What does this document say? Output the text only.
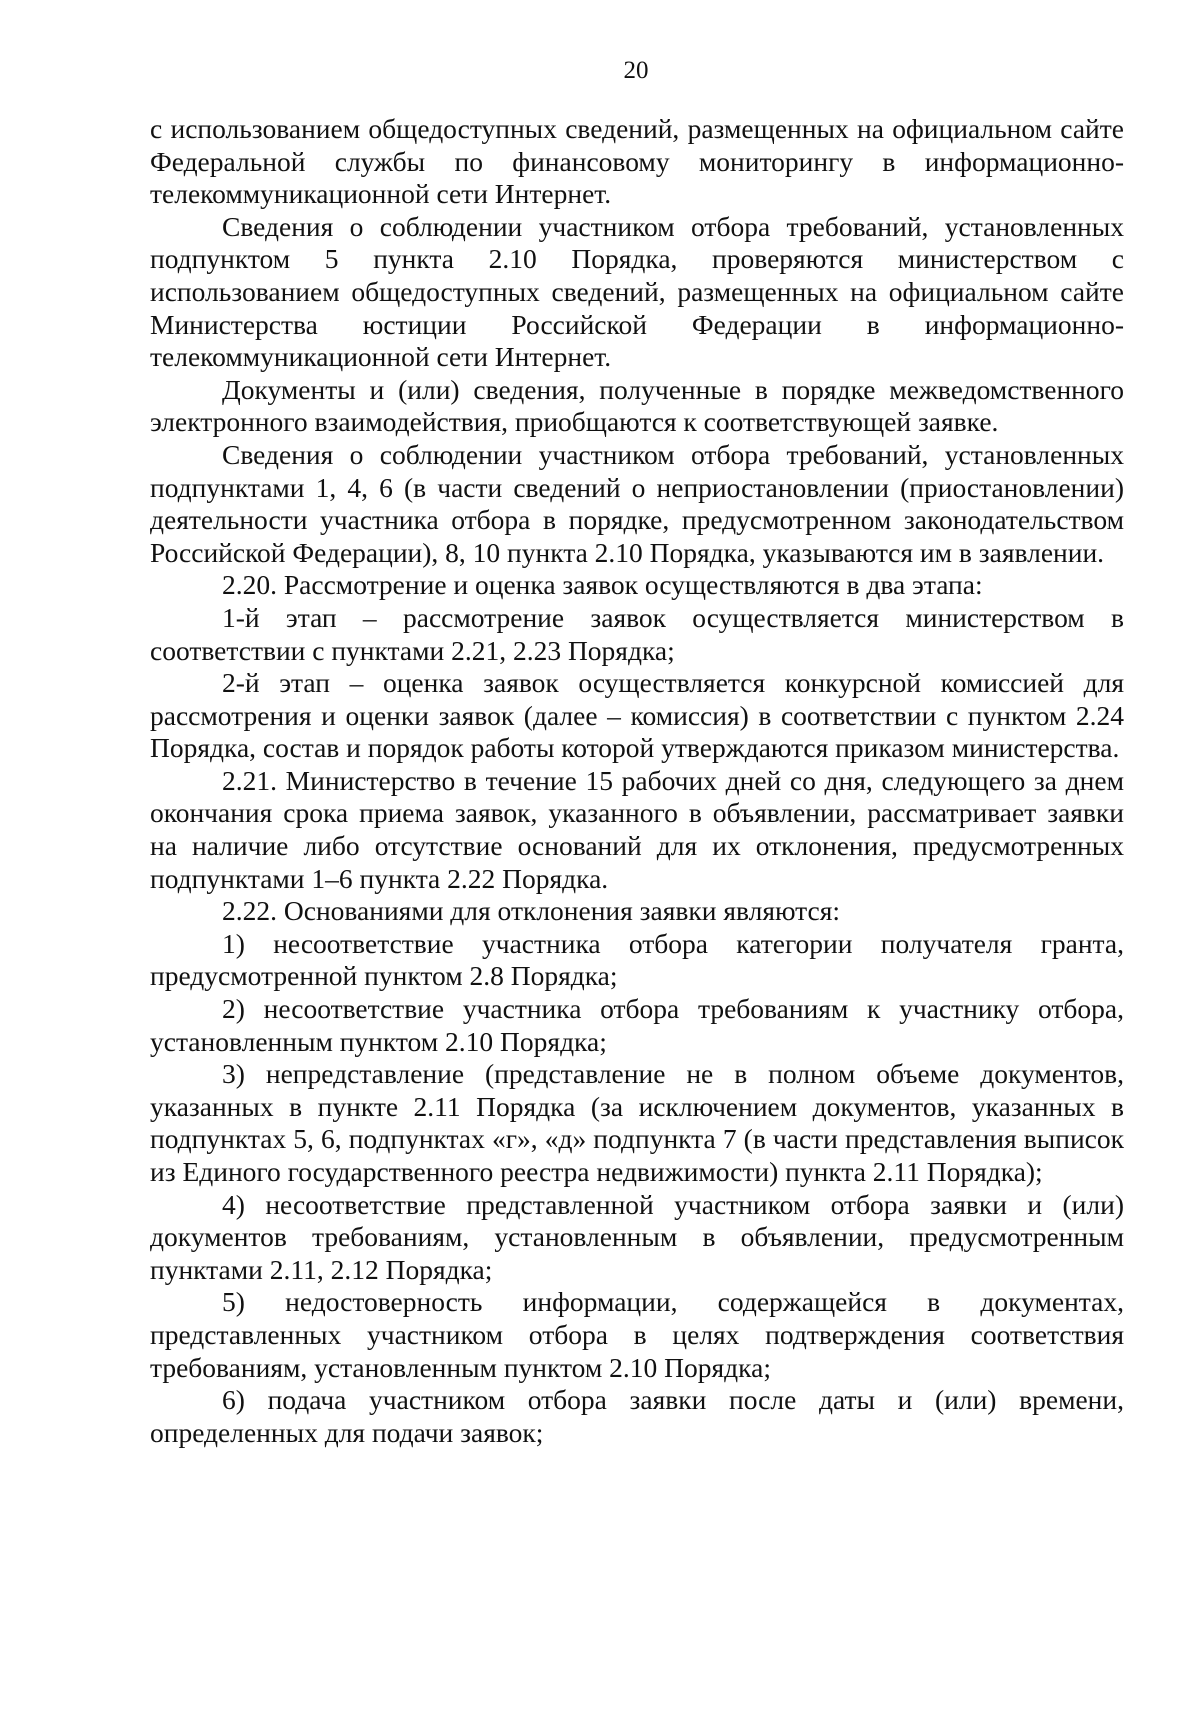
20

с использованием общедоступных сведений, размещенных на официальном сайте Федеральной службы по финансовому мониторингу в информационно-телекоммуникационной сети Интернет.

Сведения о соблюдении участником отбора требований, установленных подпунктом 5 пункта 2.10 Порядка, проверяются министерством с использованием общедоступных сведений, размещенных на официальном сайте Министерства юстиции Российской Федерации в информационно-телекоммуникационной сети Интернет.

Документы и (или) сведения, полученные в порядке межведомственного электронного взаимодействия, приобщаются к соответствующей заявке.

Сведения о соблюдении участником отбора требований, установленных подпунктами 1, 4, 6 (в части сведений о неприостановлении (приостановлении) деятельности участника отбора в порядке, предусмотренном законодательством Российской Федерации), 8, 10 пункта 2.10 Порядка, указываются им в заявлении.

2.20. Рассмотрение и оценка заявок осуществляются в два этапа:

1-й этап – рассмотрение заявок осуществляется министерством в соответствии с пунктами 2.21, 2.23 Порядка;

2-й этап – оценка заявок осуществляется конкурсной комиссией для рассмотрения и оценки заявок (далее – комиссия) в соответствии с пунктом 2.24 Порядка, состав и порядок работы которой утверждаются приказом министерства.

2.21. Министерство в течение 15 рабочих дней со дня, следующего за днем окончания срока приема заявок, указанного в объявлении, рассматривает заявки на наличие либо отсутствие оснований для их отклонения, предусмотренных подпунктами 1–6 пункта 2.22 Порядка.

2.22. Основаниями для отклонения заявки являются:

1) несоответствие участника отбора категории получателя гранта, предусмотренной пунктом 2.8 Порядка;

2) несоответствие участника отбора требованиям к участнику отбора, установленным пунктом 2.10 Порядка;

3) непредставление (представление не в полном объеме документов, указанных в пункте 2.11 Порядка (за исключением документов, указанных в подпунктах 5, 6, подпунктах «г», «д» подпункта 7 (в части представления выписок из Единого государственного реестра недвижимости) пункта 2.11 Порядка);

4) несоответствие представленной участником отбора заявки и (или) документов требованиям, установленным в объявлении, предусмотренным пунктами 2.11, 2.12 Порядка;

5) недостоверность информации, содержащейся в документах, представленных участником отбора в целях подтверждения соответствия требованиям, установленным пунктом 2.10 Порядка;

6) подача участником отбора заявки после даты и (или) времени, определенных для подачи заявок;
